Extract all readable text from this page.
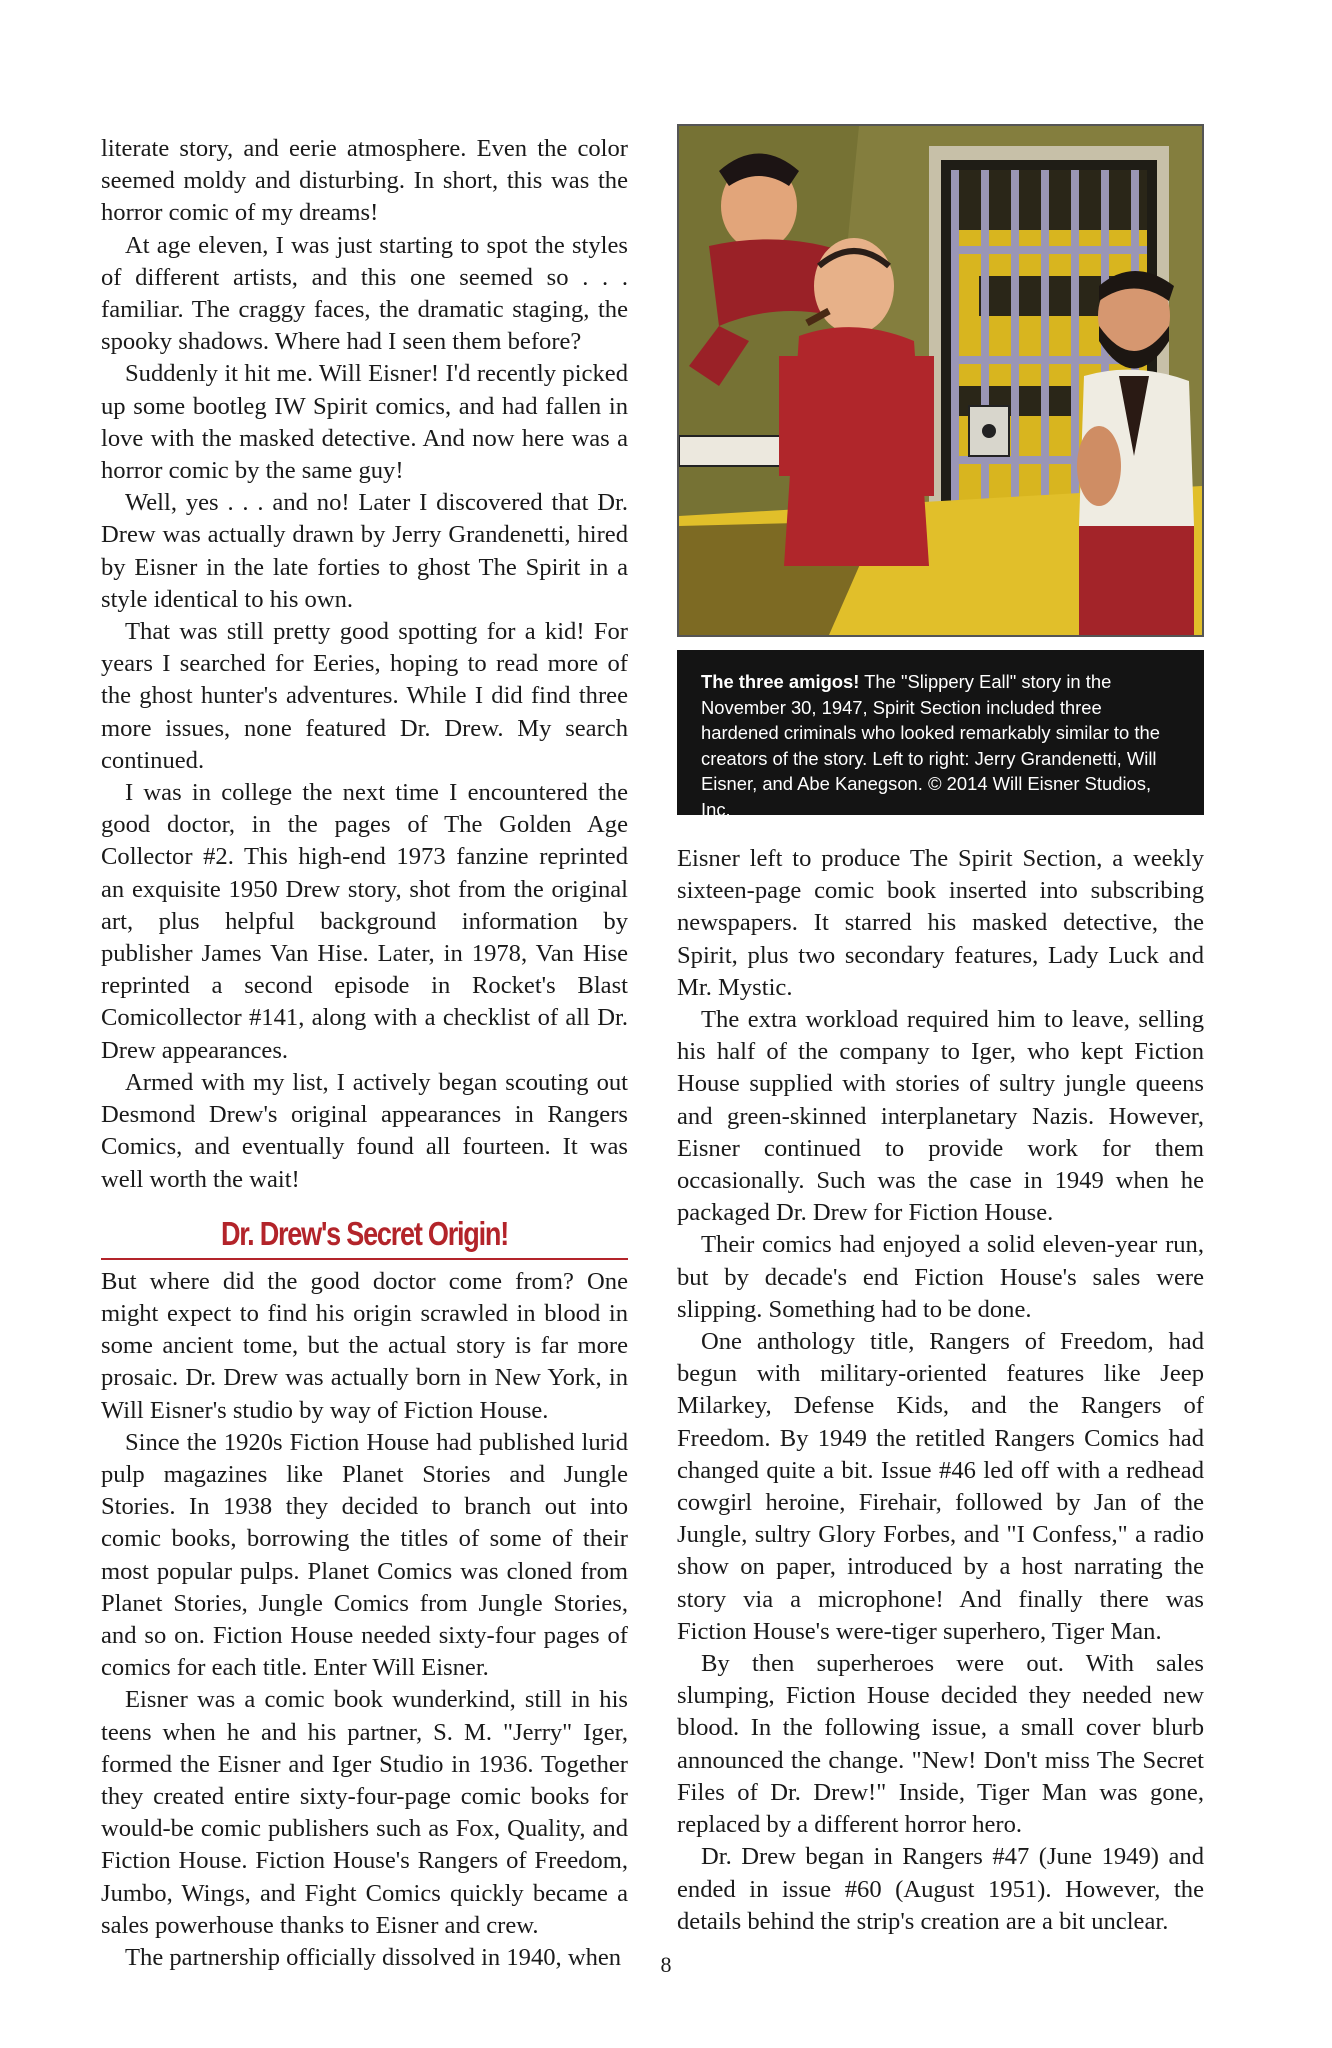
literate story, and eerie atmosphere. Even the color seemed moldy and disturbing. In short, this was the horror comic of my dreams!

At age eleven, I was just starting to spot the styles of different artists, and this one seemed so . . . familiar. The craggy faces, the dramatic staging, the spooky shadows. Where had I seen them before?

Suddenly it hit me. Will Eisner! I'd recently picked up some bootleg IW Spirit comics, and had fallen in love with the masked detective. And now here was a horror comic by the same guy!

Well, yes . . . and no! Later I discovered that Dr. Drew was actually drawn by Jerry Grandenetti, hired by Eisner in the late forties to ghost The Spirit in a style identical to his own.

That was still pretty good spotting for a kid! For years I searched for Eeries, hoping to read more of the ghost hunter's adventures. While I did find three more issues, none featured Dr. Drew. My search continued.

I was in college the next time I encountered the good doctor, in the pages of The Golden Age Collector #2. This high-end 1973 fanzine reprinted an exquisite 1950 Drew story, shot from the original art, plus helpful background information by publisher James Van Hise. Later, in 1978, Van Hise reprinted a second episode in Rocket's Blast Comicollector #141, along with a checklist of all Dr. Drew appearances.

Armed with my list, I actively began scouting out Desmond Drew's original appearances in Rangers Comics, and eventually found all fourteen. It was well worth the wait!

Dr. Drew's Secret Origin!

But where did the good doctor come from? One might expect to find his origin scrawled in blood in some ancient tome, but the actual story is far more prosaic. Dr. Drew was actually born in New York, in Will Eisner's studio by way of Fiction House.

Since the 1920s Fiction House had published lurid pulp magazines like Planet Stories and Jungle Stories. In 1938 they decided to branch out into comic books, borrowing the titles of some of their most popular pulps. Planet Comics was cloned from Planet Stories, Jungle Comics from Jungle Stories, and so on. Fiction House needed sixty-four pages of comics for each title. Enter Will Eisner.

Eisner was a comic book wunderkind, still in his teens when he and his partner, S. M. "Jerry" Iger, formed the Eisner and Iger Studio in 1936. Together they created entire sixty-four-page comic books for would-be comic publishers such as Fox, Quality, and Fiction House. Fiction House's Rangers of Freedom, Jumbo, Wings, and Fight Comics quickly became a sales powerhouse thanks to Eisner and crew.

The partnership officially dissolved in 1940, when

The three amigos! The "Slippery Eall" story in the November 30, 1947, Spirit Section included three hardened criminals who looked remarkably similar to the creators of the story. Left to right: Jerry Grandenetti, Will Eisner, and Abe Kanegson. © 2014 Will Eisner Studios, Inc.

Eisner left to produce The Spirit Section, a weekly sixteen-page comic book inserted into subscribing newspapers. It starred his masked detective, the Spirit, plus two secondary features, Lady Luck and Mr. Mystic.

The extra workload required him to leave, selling his half of the company to Iger, who kept Fiction House supplied with stories of sultry jungle queens and green-skinned interplanetary Nazis. However, Eisner continued to provide work for them occasionally. Such was the case in 1949 when he packaged Dr. Drew for Fiction House.

Their comics had enjoyed a solid eleven-year run, but by decade's end Fiction House's sales were slipping. Something had to be done.

One anthology title, Rangers of Freedom, had begun with military-oriented features like Jeep Milarkey, Defense Kids, and the Rangers of Freedom. By 1949 the retitled Rangers Comics had changed quite a bit. Issue #46 led off with a redhead cowgirl heroine, Firehair, followed by Jan of the Jungle, sultry Glory Forbes, and "I Confess," a radio show on paper, introduced by a host narrating the story via a microphone! And finally there was Fiction House's were-tiger superhero, Tiger Man.

By then superheroes were out. With sales slumping, Fiction House decided they needed new blood. In the following issue, a small cover blurb announced the change. "New! Don't miss The Secret Files of Dr. Drew!" Inside, Tiger Man was gone, replaced by a different horror hero.

Dr. Drew began in Rangers #47 (June 1949) and ended in issue #60 (August 1951). However, the details behind the strip's creation are a bit unclear.

8
